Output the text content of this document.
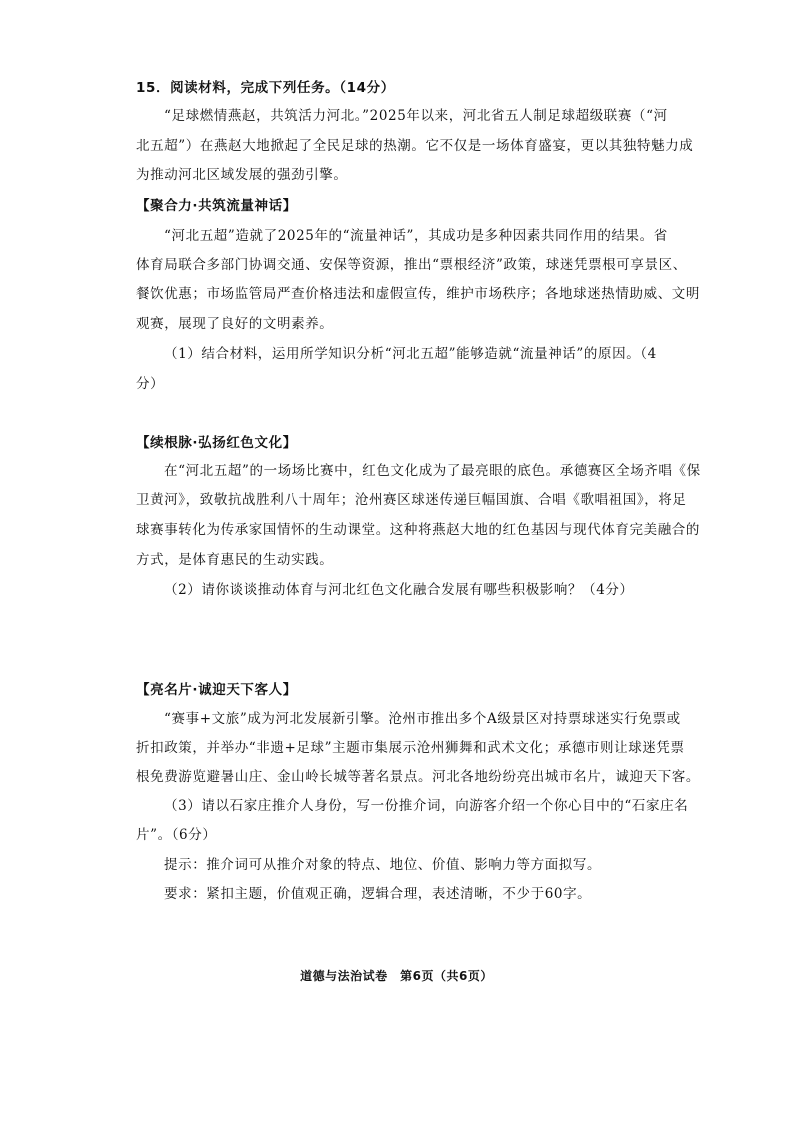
15．阅读材料，完成下列任务。（14分）
“足球燃情燕赵，共筑活力河北。”2025年以来，河北省五人制足球超级联赛（“河
北五超”）在燕赵大地掀起了全民足球的热潮。它不仅是一场体育盛宴，更以其独特魅力成
为推动河北区域发展的强劲引擎。
【聚合力·共筑流量神话】
“河北五超”造就了2025年的“流量神话”，其成功是多种因素共同作用的结果。省
体育局联合多部门协调交通、安保等资源，推出“票根经济”政策，球迷凭票根可享景区、
餐饮优惠；市场监管局严查价格违法和虚假宣传，维护市场秩序；各地球迷热情助威、文明
观赛，展现了良好的文明素养。
（1）结合材料，运用所学知识分析“河北五超”能够造就“流量神话”的原因。（4
分）
【续根脉·弘扬红色文化】
在“河北五超”的一场场比赛中，红色文化成为了最亮眼的底色。承德赛区全场齐唱《保
卫黄河》，致敬抗战胜利八十周年；沧州赛区球迷传递巨幅国旗、合唱《歌唱祖国》，将足
球赛事转化为传承家国情怀的生动课堂。这种将燕赵大地的红色基因与现代体育完美融合的
方式，是体育惠民的生动实践。
（2）请你谈谈推动体育与河北红色文化融合发展有哪些积极影响？（4分）
【亮名片·诚迎天下客人】
“赛事+文旅”成为河北发展新引擎。沧州市推出多个A级景区对持票球迷实行免票或
折扣政策，并举办“非遗+足球”主题市集展示沧州狮舞和武术文化；承德市则让球迷凭票
根免费游览避暑山庄、金山岭长城等著名景点。河北各地纷纷亮出城市名片，诚迎天下客。
（3）请以石家庄推介人身份，写一份推介词，向游客介绍一个你心目中的“石家庄名
片”。（6分）
提示：推介词可从推介对象的特点、地位、价值、影响力等方面拟写。
要求：紧扣主题，价值观正确，逻辑合理，表述清晰，不少于60字。
道德与法治试卷　第6页（共6页）
